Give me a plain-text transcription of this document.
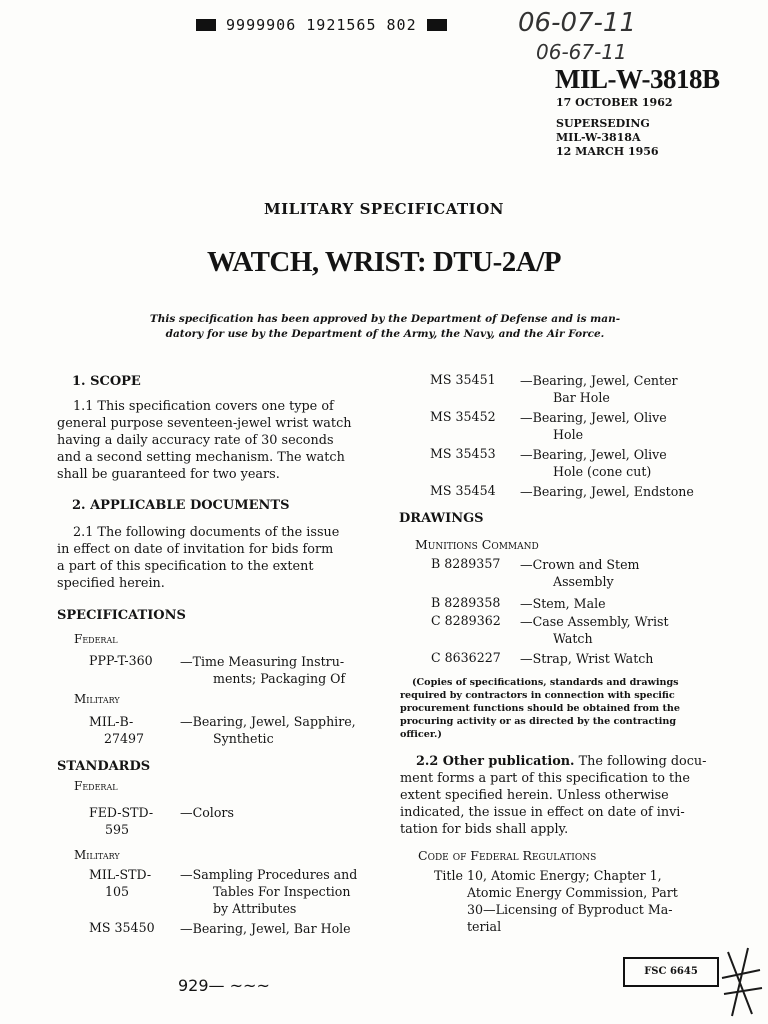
9999906 1921565 802	06-07-11
06-67-11
MIL-W-3818B
17 OCTOBER 1962
SUPERSEDING
MIL-W-3818A
12 MARCH 1956
MILITARY SPECIFICATION
WATCH, WRIST: DTU-2A/P
This specification has been approved by the Department of Defense and is man-
datory for use by the Department of the Army, the Navy, and the Air Force.
1. SCOPE
1.1 This specification covers one type of
general purpose seventeen-jewel wrist watch
having a daily accuracy rate of 30 seconds
and a second setting mechanism. The watch
shall be guaranteed for two years.
2. APPLICABLE DOCUMENTS
2.1 The following documents of the issue
in effect on date of invitation for bids form
a part of this specification to the extent
specified herein.
SPECIFICATIONS
Federal
PPP-T-360 —Time Measuring Instru-
ments; Packaging Of
Military
MIL-B-
27497
—Bearing, Jewel, Sapphire,
Synthetic
STANDARDS
Federal
FED-STD-
595
—Colors
Military
MIL-STD-
105
—Sampling Procedures and
Tables For Inspection
by Attributes
MS 35450 —Bearing, Jewel, Bar Hole
MS 35451 —Bearing, Jewel, Center
Bar Hole
MS 35452 —Bearing, Jewel, Olive
Hole
MS 35453 —Bearing, Jewel, Olive
Hole (cone cut)
MS 35454 —Bearing, Jewel, Endstone
DRAWINGS
Munitions Command
B 8289357 —Crown and Stem
Assembly
B 8289358 —Stem, Male
C 8289362 —Case Assembly, Wrist
Watch
C 8636227 —Strap, Wrist Watch
(Copies of specifications, standards and drawings
required by contractors in connection with specific
procurement functions should be obtained from the
procuring activity or as directed by the contracting
officer.)
2.2 Other publication. The following docu-
ment forms a part of this specification to the
extent specified herein. Unless otherwise
indicated, the issue in effect on date of invi-
tation for bids shall apply.
Code of Federal Regulations
Title 10, Atomic Energy; Chapter 1,
Atomic Energy Commission, Part
30—Licensing of Byproduct Ma-
terial
929— ~~~
FSC 6645
